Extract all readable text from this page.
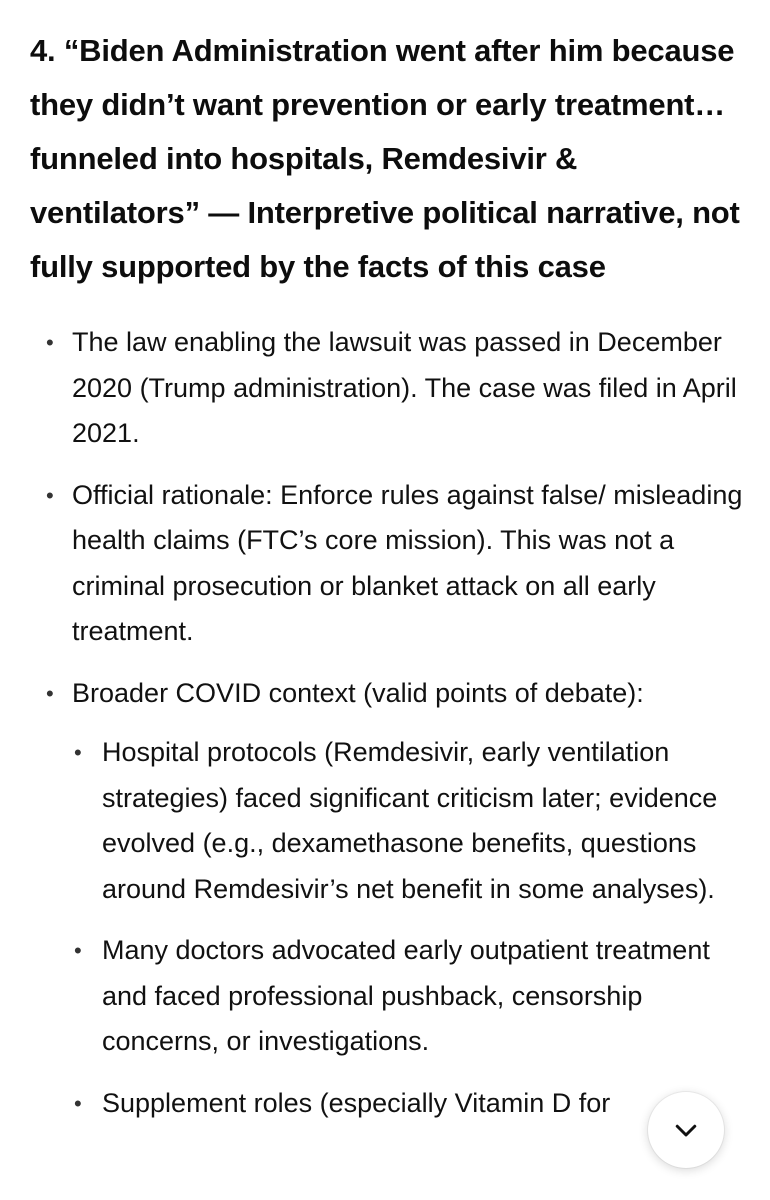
4. “Biden Administration went after him because they didn’t want prevention or early treatment… funneled into hospitals, Remdesivir & ventilators” — Interpretive political narrative, not fully supported by the facts of this case
• The law enabling the lawsuit was passed in December 2020 (Trump administration). The case was filed in April 2021.
• Official rationale: Enforce rules against false/ misleading health claims (FTC’s core mission). This was not a criminal prosecution or blanket attack on all early treatment.
• Broader COVID context (valid points of debate):
• Hospital protocols (Remdesivir, early ventilation strategies) faced significant criticism later; evidence evolved (e.g., dexamethasone benefits, questions around Remdesivir’s net benefit in some analyses).
• Many doctors advocated early outpatient treatment and faced professional pushback, censorship concerns, or investigations.
• Supplement roles (especially Vitamin D for
